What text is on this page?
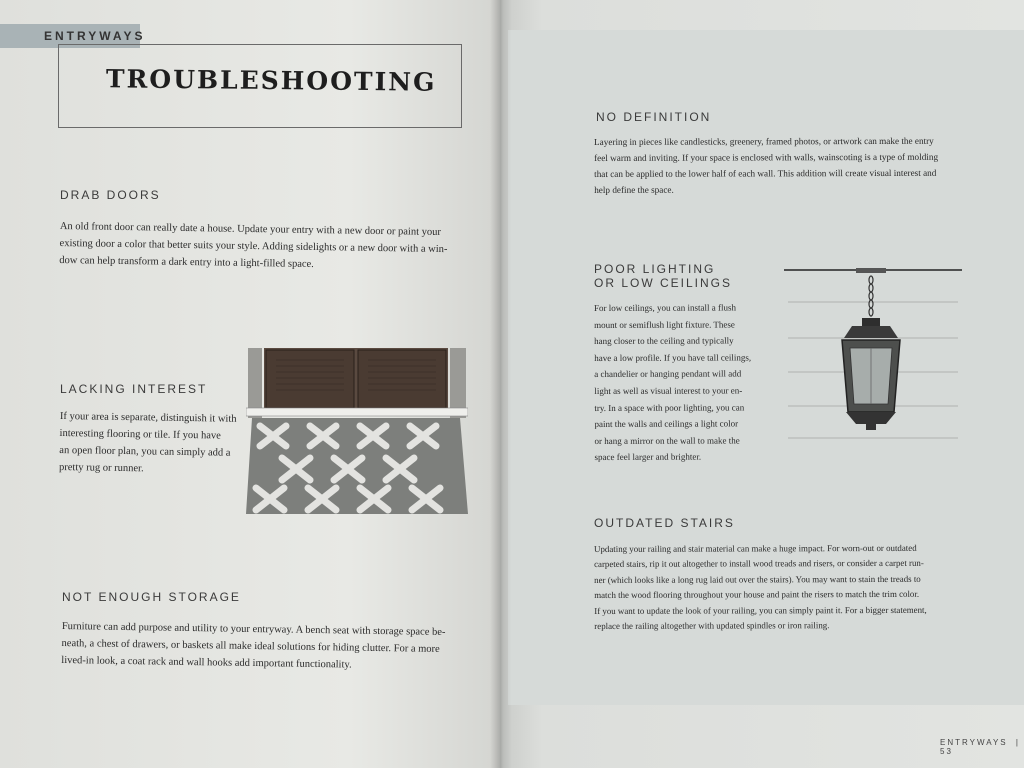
ENTRYWAYS
TROUBLESHOOTING
DRAB DOORS
An old front door can really date a house. Update your entry with a new door or paint your
existing door a color that better suits your style. Adding sidelights or a new door with a win-
dow can help transform a dark entry into a light-filled space.
LACKING INTEREST
If your area is separate, distinguish it with
interesting flooring or tile. If you have
an open floor plan, you can simply add a
pretty rug or runner.
NOT ENOUGH STORAGE
Furniture can add purpose and utility to your entryway. A bench seat with storage space be-
neath, a chest of drawers, or baskets all make ideal solutions for hiding clutter. For a more
lived-in look, a coat rack and wall hooks add important functionality.
NO DEFINITION
Layering in pieces like candlesticks, greenery, framed photos, or artwork can make the entry
feel warm and inviting. If your space is enclosed with walls, wainscoting is a type of molding
that can be applied to the lower half of each wall. This addition will create visual interest and
help define the space.
POOR LIGHTING
OR LOW CEILINGS
For low ceilings, you can install a flush
mount or semiflush light fixture. These
hang closer to the ceiling and typically
have a low profile. If you have tall ceilings,
a chandelier or hanging pendant will add
light as well as visual interest to your en-
try. In a space with poor lighting, you can
paint the walls and ceilings a light color
or hang a mirror on the wall to make the
space feel larger and brighter.
OUTDATED STAIRS
Updating your railing and stair material can make a huge impact. For worn-out or outdated
carpeted stairs, rip it out altogether to install wood treads and risers, or consider a carpet run-
ner (which looks like a long rug laid out over the stairs). You may want to stain the treads to
match the wood flooring throughout your house and paint the risers to match the trim color.
If you want to update the look of your railing, you can simply paint it. For a bigger statement,
replace the railing altogether with updated spindles or iron railing.
ENTRYWAYS | 53
